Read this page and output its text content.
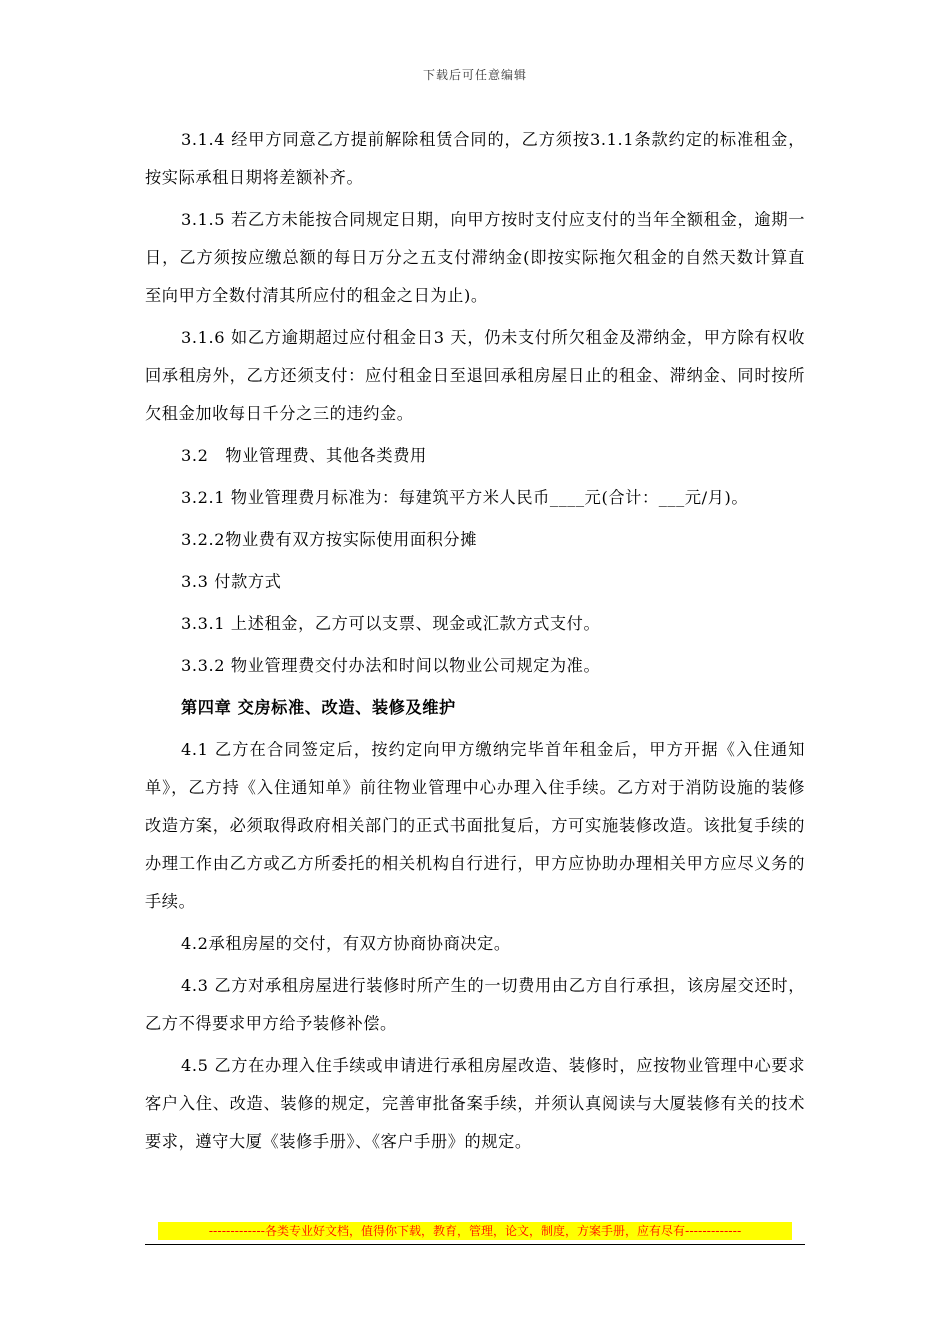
下载后可任意编辑

3.1.4 经甲方同意乙方提前解除租赁合同的，乙方须按3.1.1条款约定的标准租金，按实际承租日期将差额补齐。

3.1.5 若乙方未能按合同规定日期，向甲方按时支付应支付的当年全额租金，逾期一日，乙方须按应缴总额的每日万分之五支付滞纳金(即按实际拖欠租金的自然天数计算直至向甲方全数付清其所应付的租金之日为止)。

3.1.6 如乙方逾期超过应付租金日3 天，仍未支付所欠租金及滞纳金，甲方除有权收回承租房外，乙方还须支付：应付租金日至退回承租房屋日止的租金、滞纳金、同时按所欠租金加收每日千分之三的违约金。

3.2　物业管理费、其他各类费用

3.2.1 物业管理费月标准为：每建筑平方米人民币____元(合计：___元/月)。

3.2.2物业费有双方按实际使用面积分摊

3.3 付款方式

3.3.1 上述租金，乙方可以支票、现金或汇款方式支付。

3.3.2 物业管理费交付办法和时间以物业公司规定为准。

第四章 交房标准、改造、装修及维护

4.1 乙方在合同签定后，按约定向甲方缴纳完毕首年租金后，甲方开据《入住通知单》，乙方持《入住通知单》前往物业管理中心办理入住手续。乙方对于消防设施的装修改造方案，必须取得政府相关部门的正式书面批复后，方可实施装修改造。该批复手续的办理工作由乙方或乙方所委托的相关机构自行进行，甲方应协助办理相关甲方应尽义务的手续。

4.2承租房屋的交付，有双方协商协商决定。

4.3 乙方对承租房屋进行装修时所产生的一切费用由乙方自行承担，该房屋交还时，乙方不得要求甲方给予装修补偿。

4.5 乙方在办理入住手续或申请进行承租房屋改造、装修时，应按物业管理中心要求客户入住、改造、装修的规定，完善审批备案手续，并须认真阅读与大厦装修有关的技术要求，遵守大厦《装修手册》、《客户手册》的规定。

-------------各类专业好文档，值得你下载，教育，管理，论文，制度，方案手册，应有尽有-------------
